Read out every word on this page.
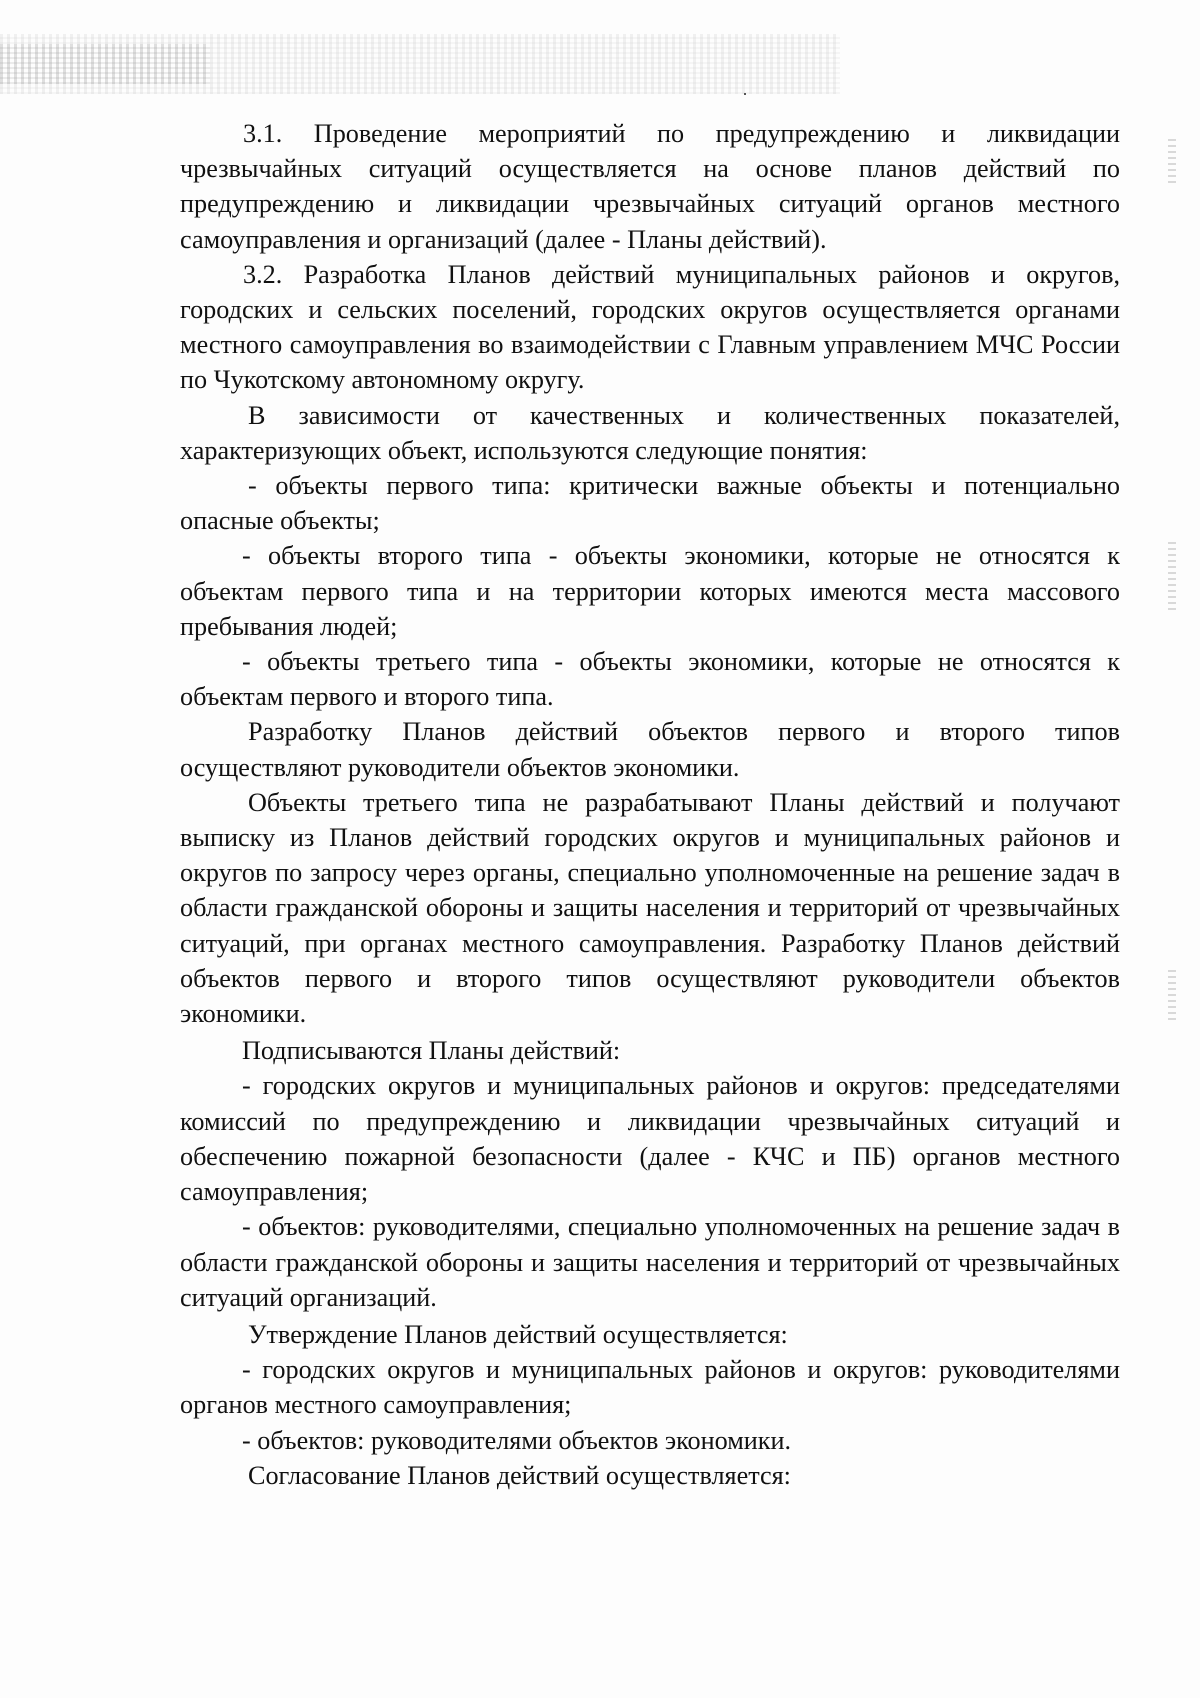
3.1. Проведение мероприятий по предупреждению и ликвидации чрезвычайных ситуаций осуществляется на основе планов действий по предупреждению и ликвидации чрезвычайных ситуаций органов местного самоуправления и организаций (далее - Планы действий).

3.2. Разработка Планов действий муниципальных районов и округов, городских и сельских поселений, городских округов осуществляется органами местного самоуправления во взаимодействии с Главным управлением МЧС России по Чукотскому автономному округу.

В зависимости от качественных и количественных показателей, характеризующих объект, используются следующие понятия:

- объекты первого типа: критически важные объекты и потенциально опасные объекты;

- объекты второго типа - объекты экономики, которые не относятся к объектам первого типа и на территории которых имеются места массового пребывания людей;

- объекты третьего типа - объекты экономики, которые не относятся к объектам первого и второго типа.

Разработку Планов действий объектов первого и второго типов осуществляют руководители объектов экономики.

Объекты третьего типа не разрабатывают Планы действий и получают выписку из Планов действий городских округов и муниципальных районов и округов по запросу через органы, специально уполномоченные на решение задач в области гражданской обороны и защиты населения и территорий от чрезвычайных ситуаций, при органах местного самоуправления. Разработку Планов действий объектов первого и второго типов осуществляют руководители объектов экономики.

Подписываются Планы действий:

- городских округов и муниципальных районов и округов: председателями комиссий по предупреждению и ликвидации чрезвычайных ситуаций и обеспечению пожарной безопасности (далее - КЧС и ПБ) органов местного самоуправления;

- объектов: руководителями, специально уполномоченных на решение задач в области гражданской обороны и защиты населения и территорий от чрезвычайных ситуаций организаций.

Утверждение Планов действий осуществляется:

- городских округов и муниципальных районов и округов: руководителями органов местного самоуправления;

- объектов: руководителями объектов экономики.

Согласование Планов действий осуществляется:
